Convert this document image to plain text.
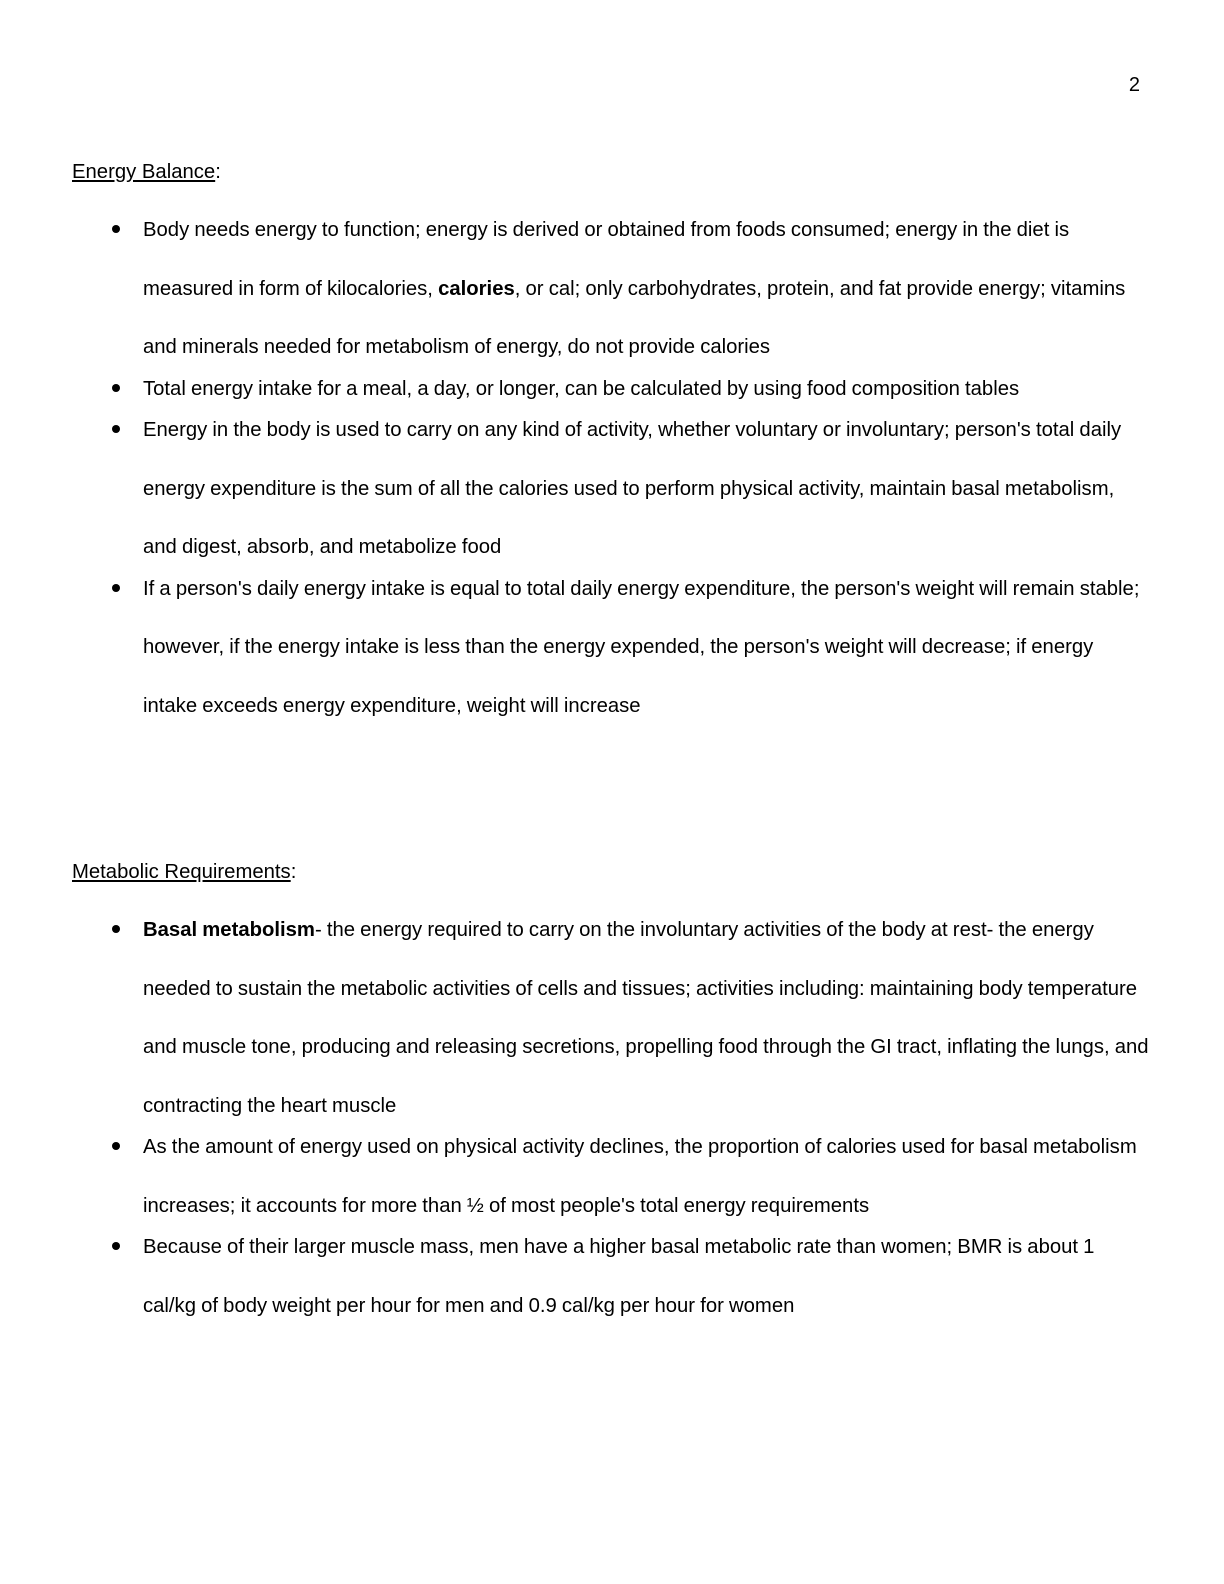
2
Energy Balance:
Body needs energy to function; energy is derived or obtained from foods consumed; energy in the diet is measured in form of kilocalories, calories, or cal; only carbohydrates, protein, and fat provide energy; vitamins and minerals needed for metabolism of energy, do not provide calories
Total energy intake for a meal, a day, or longer, can be calculated by using food composition tables
Energy in the body is used to carry on any kind of activity, whether voluntary or involuntary; person's total daily energy expenditure is the sum of all the calories used to perform physical activity, maintain basal metabolism, and digest, absorb, and metabolize food
If a person's daily energy intake is equal to total daily energy expenditure, the person's weight will remain stable; however, if the energy intake is less than the energy expended, the person's weight will decrease; if energy intake exceeds energy expenditure, weight will increase
Metabolic Requirements:
Basal metabolism- the energy required to carry on the involuntary activities of the body at rest- the energy needed to sustain the metabolic activities of cells and tissues; activities including: maintaining body temperature and muscle tone, producing and releasing secretions, propelling food through the GI tract, inflating the lungs, and contracting the heart muscle
As the amount of energy used on physical activity declines, the proportion of calories used for basal metabolism increases; it accounts for more than ½ of most people's total energy requirements
Because of their larger muscle mass, men have a higher basal metabolic rate than women; BMR is about 1 cal/kg of body weight per hour for men and 0.9 cal/kg per hour for women
